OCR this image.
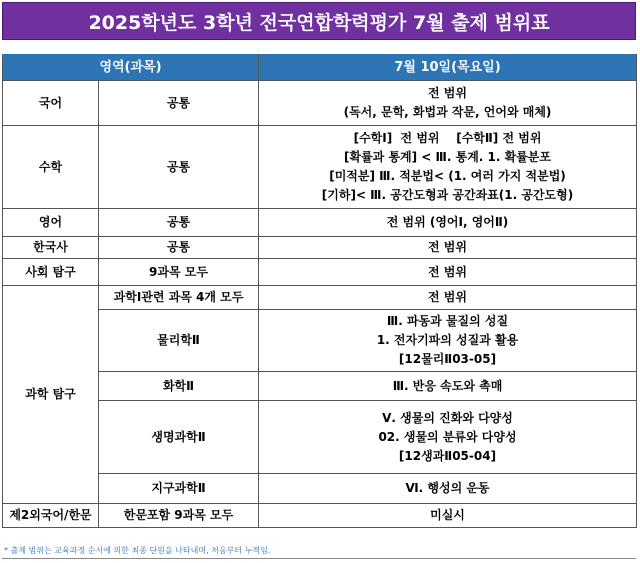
2025학년도 3학년 전국연합학력평가 7월 출제 범위표
영역(과목)		7월 10일(목요일)
국어	공통	전 범위
(독서, 문학, 화법과 작문, 언어와 매체)

수학	공통	[수학Ⅰ]  전 범위    [수학Ⅱ] 전 범위
[확률과 통계] < Ⅲ. 통계. 1. 확률분포
[미적분] Ⅲ. 적분법< (1. 여러 가지 적분법)
[기하]< Ⅲ. 공간도형과 공간좌표(1. 공간도형)

영어	공통	전 범위 (영어Ⅰ, 영어Ⅱ)
한국사	공통	전 범위
사회 탐구	9과목 모두	전 범위
과학 탐구	과학Ⅰ관련 과목 4개 모두	전 범위
	물리학Ⅱ	Ⅲ. 파동과 물질의 성질
1. 전자기파의 성질과 활용
[12물리Ⅱ03-05]

	화학Ⅱ	Ⅲ. 반응 속도와 촉매
	생명과학Ⅱ	Ⅴ. 생물의 진화와 다양성
02. 생물의 분류와 다양성
[12생과Ⅱ05-04]

	지구과학Ⅱ	Ⅵ. 행성의 운동
제2외국어/한문	한문포함 9과목 모두	미실시
* 출제 범위는 교육과정 순서에 의한 최종 단원을 나타내며, 처음부터 누적임.
